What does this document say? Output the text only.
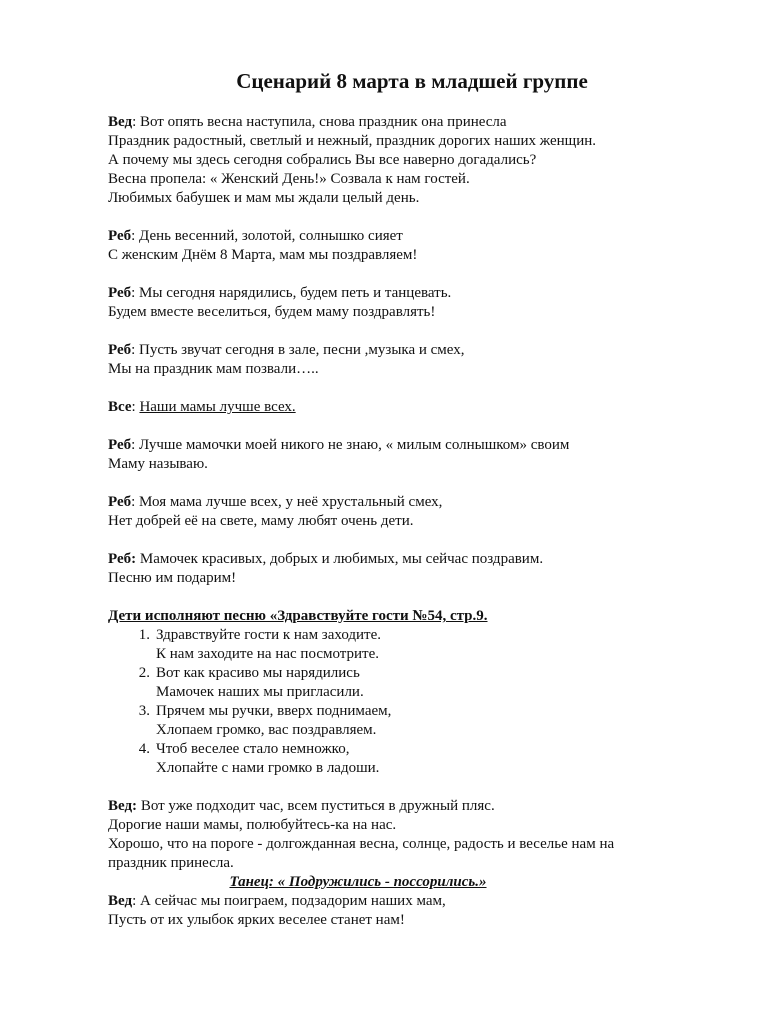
Сценарий 8 марта в младшей группе
Вед: Вот опять весна наступила, снова праздник она принесла
Праздник радостный, светлый и нежный, праздник дорогих наших женщин.
А почему мы здесь сегодня собрались Вы все наверно догадались?
Весна пропела: « Женский День!» Созвала к нам гостей.
Любимых бабушек и мам мы ждали целый день.
Реб: День весенний, золотой, солнышко сияет
С женским Днём 8 Марта, мам мы поздравляем!
Реб: Мы сегодня нарядились, будем петь и танцевать.
Будем вместе веселиться, будем маму поздравлять!
Реб: Пусть звучат сегодня в зале, песни ,музыка и смех,
Мы на праздник мам позвали…..
Все: Наши мамы лучше всех.
Реб: Лучше мамочки моей никого не знаю, « милым солнышком» своим
Маму называю.
Реб: Моя мама лучше всех, у неё хрустальный смех,
Нет добрей её на свете, маму любят очень дети.
Реб: Мамочек красивых, добрых и любимых, мы сейчас поздравим.
Песню им подарим!
Дети исполняют песню «Здравствуйте гости №54, стр.9.
1. Здравствуйте гости к нам заходите.
К нам заходите на нас посмотрите.
2. Вот как красиво мы нарядились
Мамочек наших мы пригласили.
3. Прячем мы ручки, вверх поднимаем,
Хлопаем громко, вас поздравляем.
4. Чтоб веселее стало немножко,
Хлопайте с нами громко в ладоши.
Вед: Вот уже подходит час, всем пуститься в дружный пляс.
Дорогие наши мамы, полюбуйтесь-ка на нас.
Хорошо, что на пороге - долгожданная весна, солнце, радость и веселье нам на
праздник принесла.
Танец: « Подружились - поссорились.»
Вед: А сейчас мы поиграем, подзадорим наших мам,
Пусть от их улыбок ярких веселее станет нам!
